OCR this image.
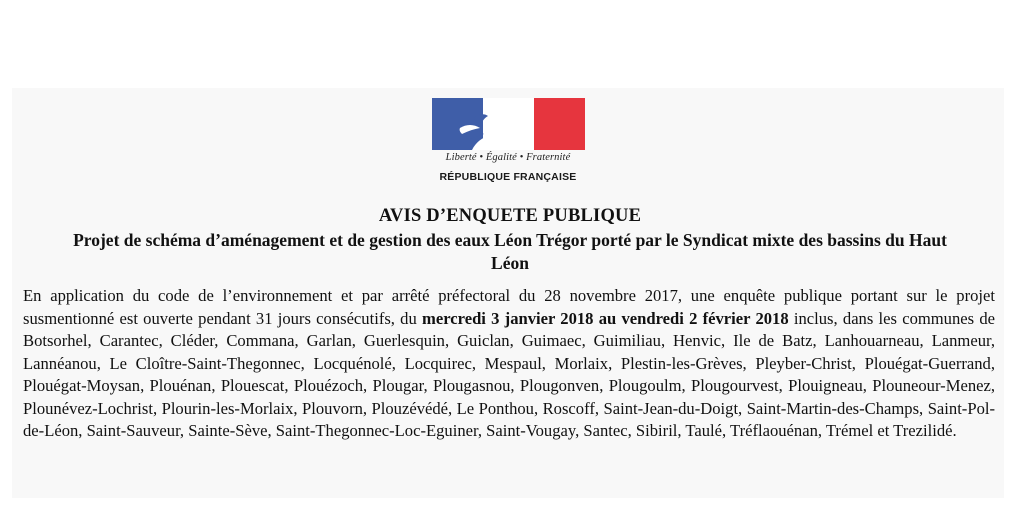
Liberté • Égalité • Fraternité
RÉPUBLIQUE FRANÇAISE
AVIS D’ENQUETE PUBLIQUE
Projet de schéma d’aménagement et de gestion des eaux Léon Trégor porté par le Syndicat mixte des bassins du Haut Léon
En application du code de l’environnement et par arrêté préfectoral du 28 novembre 2017, une enquête publique portant sur le projet susmentionné est ouverte pendant 31 jours consécutifs, du mercredi 3 janvier 2018 au vendredi 2 février 2018 inclus, dans les communes de Botsorhel, Carantec, Cléder, Commana, Garlan, Guerlesquin, Guiclan, Guimaec, Guimiliau, Henvic, Ile de Batz, Lanhouarneau, Lanmeur, Lannéanou, Le Cloître-Saint-Thegonnec, Locquénolé, Locquirec, Mespaul, Morlaix, Plestin-les-Grèves, Pleyber-Christ, Plouégat-Guerrand, Plouégat-Moysan, Plouénan, Plouescat, Plouézoch, Plougar, Plougasnou, Plougonven, Plougoulm, Plougourvest, Plouigneau, Plouneour-Menez, Plounévez-Lochrist, Plourin-les-Morlaix, Plouvorn, Plouzévédé, Le Ponthou, Roscoff, Saint-Jean-du-Doigt, Saint-Martin-des-Champs, Saint-Pol-de-Léon, Saint-Sauveur, Sainte-Sève, Saint-Thegonnec-Loc-Eguiner, Saint-Vougay, Santec, Sibiril, Taulé, Tréflaouénan, Trémel et Trezilidé.
